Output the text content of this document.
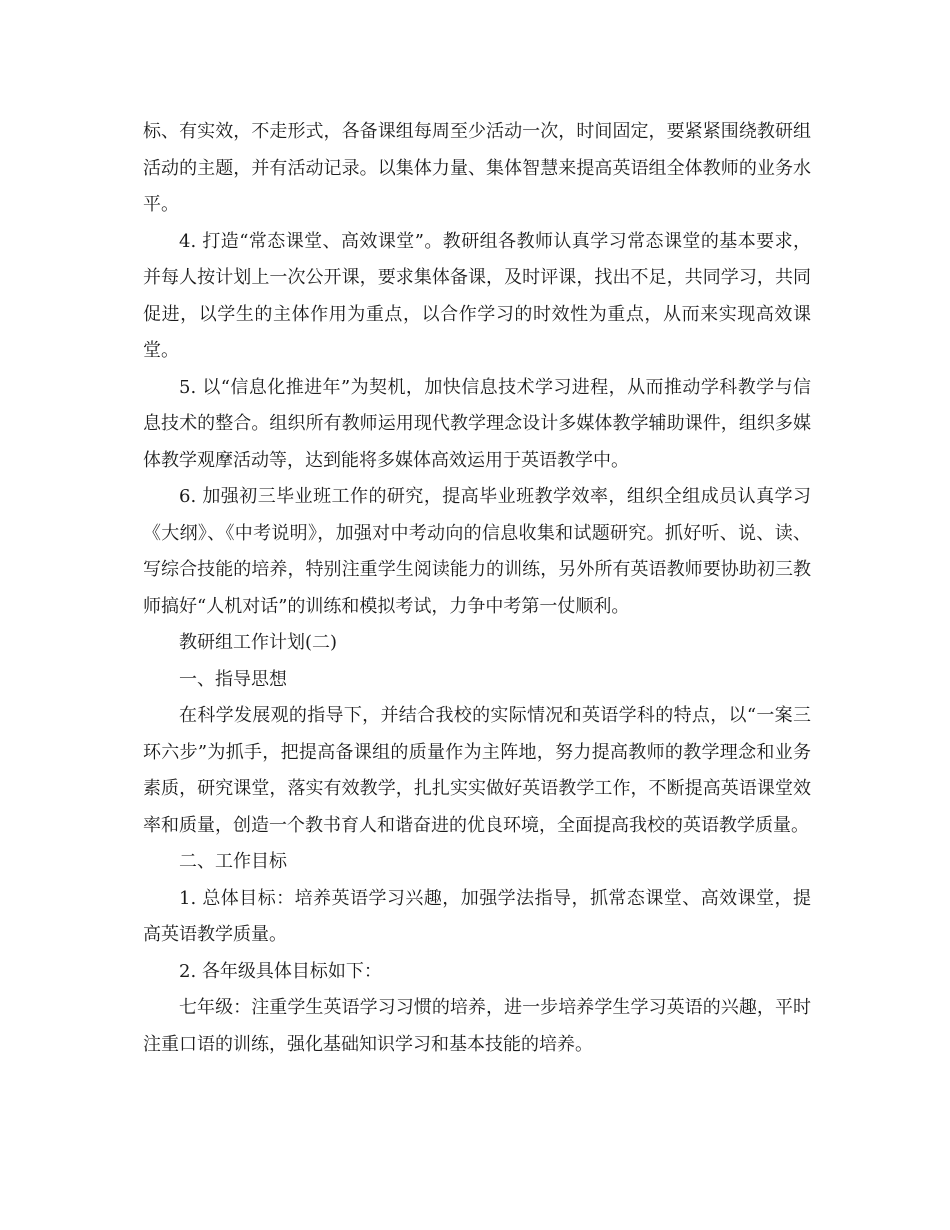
标、有实效，不走形式，各备课组每周至少活动一次，时间固定，要紧紧围绕教研组活动的主题，并有活动记录。以集体力量、集体智慧来提高英语组全体教师的业务水平。

4. 打造“常态课堂、高效课堂”。教研组各教师认真学习常态课堂的基本要求，并每人按计划上一次公开课，要求集体备课，及时评课，找出不足，共同学习，共同促进，以学生的主体作用为重点，以合作学习的时效性为重点，从而来实现高效课堂。

5. 以“信息化推进年”为契机，加快信息技术学习进程，从而推动学科教学与信息技术的整合。组织所有教师运用现代教学理念设计多媒体教学辅助课件，组织多媒体教学观摩活动等，达到能将多媒体高效运用于英语教学中。

6. 加强初三毕业班工作的研究，提高毕业班教学效率，组织全组成员认真学习《大纲》、《中考说明》，加强对中考动向的信息收集和试题研究。抓好听、说、读、写综合技能的培养，特别注重学生阅读能力的训练，另外所有英语教师要协助初三教师搞好“人机对话”的训练和模拟考试，力争中考第一仗顺利。

教研组工作计划(二)

一、指导思想

在科学发展观的指导下，并结合我校的实际情况和英语学科的特点，以“一案三环六步”为抓手，把提高备课组的质量作为主阵地，努力提高教师的教学理念和业务素质，研究课堂，落实有效教学，扎扎实实做好英语教学工作，不断提高英语课堂效率和质量，创造一个教书育人和谐奋进的优良环境，全面提高我校的英语教学质量。

二、工作目标

1. 总体目标：培养英语学习兴趣，加强学法指导，抓常态课堂、高效课堂，提高英语教学质量。

2. 各年级具体目标如下：

七年级：注重学生英语学习习惯的培养，进一步培养学生学习英语的兴趣，平时注重口语的训练，强化基础知识学习和基本技能的培养。
